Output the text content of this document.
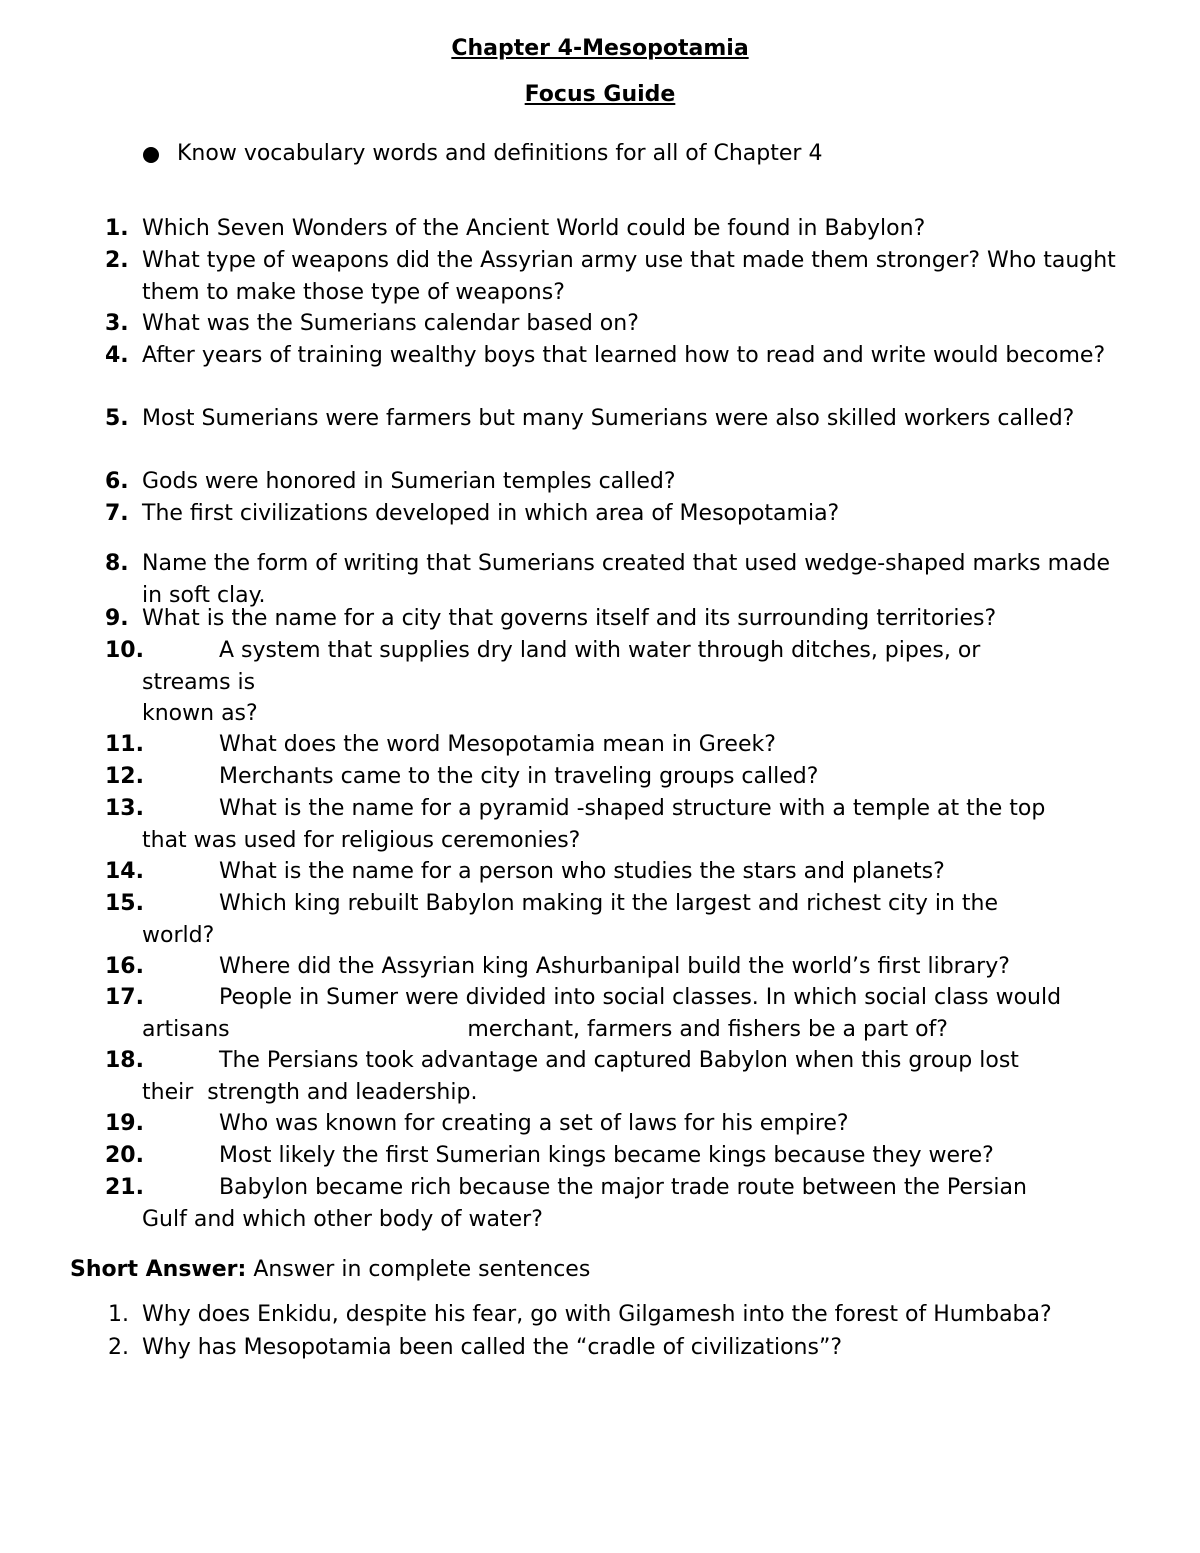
Chapter 4-Mesopotamia
Focus Guide
Know vocabulary words and definitions for all of Chapter 4
1. Which Seven Wonders of the Ancient World could be found in Babylon?
2. What type of weapons did the Assyrian army use that made them stronger? Who taught them to make those type of weapons?
3. What was the Sumerians calendar based on?
4. After years of training wealthy boys that learned how to read and write would become?
5. Most Sumerians were farmers but many Sumerians were also skilled workers called?
6. Gods were honored in Sumerian temples called?
7. The first civilizations developed in which area of Mesopotamia?
8. Name the form of writing that Sumerians created that used wedge-shaped marks made in soft clay.
9. What is the name for a city that governs itself and its surrounding territories?
10.	A system that supplies dry land with water through ditches, pipes, or
streams is
known as?
11.	What does the word Mesopotamia mean in Greek?
12.	Merchants came to the city in traveling groups called?
13.	What is the name for a pyramid -shaped structure with a temple at the top
that was used for religious ceremonies?
14.	What is the name for a person who studies the stars and planets?
15.	Which king rebuilt Babylon making it the largest and richest city in the
world?
16.	Where did the Assyrian king Ashurbanipal build the world’s first library?
17.	People in Sumer were divided into social classes. In which social class would
artisans                                  merchant, farmers and fishers be a part of?
18.	The Persians took advantage and captured Babylon when this group lost
their  strength and leadership.
19.	Who was known for creating a set of laws for his empire?
20.	Most likely the first Sumerian kings became kings because they were?
21.	Babylon became rich because the major trade route between the Persian
Gulf and which other body of water?
Short Answer: Answer in complete sentences
1. Why does Enkidu, despite his fear, go with Gilgamesh into the forest of Humbaba?
2. Why has Mesopotamia been called the “cradle of civilizations”?
